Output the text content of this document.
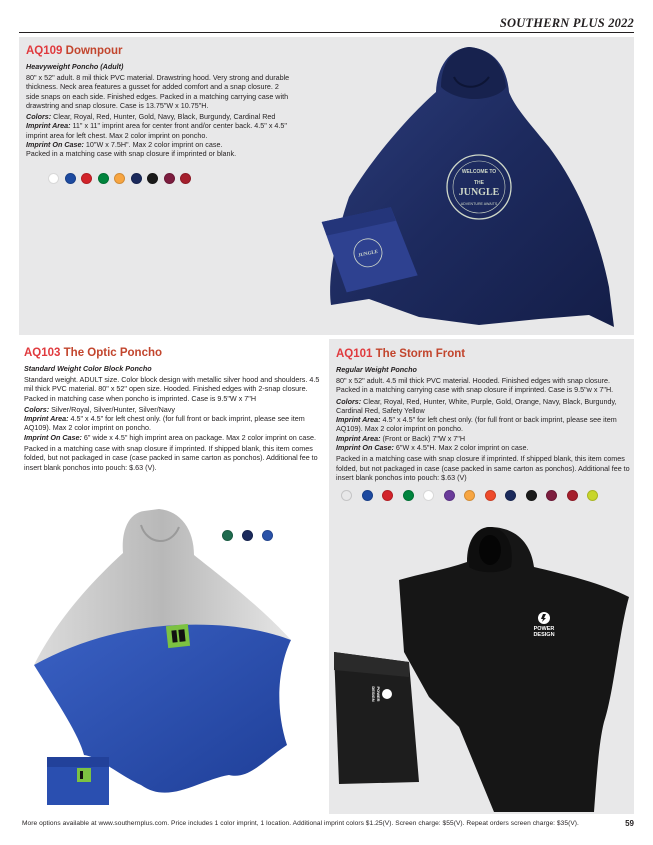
SOUTHERN PLUS 2022
AQ109 Downpour
Heavyweight Poncho (Adult)

80" x 52" adult. 8 mil thick PVC material. Drawstring hood. Very strong and durable thickness. Neck area features a gusset for added comfort and a snap closure. 2 side snaps on each side. Finished edges. Packed in a matching carrying case with drawstring and snap closure. Case is 13.75"W x 10.75"H.

Colors: Clear, Royal, Red, Hunter, Gold, Navy, Black, Burgundy, Cardinal Red

Imprint Area: 11" x 11" imprint area for center front and/or center back. 4.5" x 4.5" imprint area for left chest. Max 2 color imprint on poncho.

Imprint On Case: 10"W x 7.5H". Max 2 color imprint on case.

Packed in a matching case with snap closure if imprinted or blank.

WELCOME TO
THE
JUNGLE
ADVENTURE AWAITS
JUNGLE
AQ103 The Optic Poncho
Standard Weight Color Block Poncho

Standard weight. ADULT size. Color block design with metallic silver hood and shoulders. 4.5 mil thick PVC material. 80" x 52" open size. Hooded. Finished edges with 2-snap closure. Packed in matching case when poncho is imprinted. Case is 9.5"W x 7"H

Colors: Silver/Royal, Silver/Hunter, Silver/Navy

Imprint Area: 4.5" x 4.5" for left chest only. (for full front or back imprint, please see item AQ109). Max 2 color imprint on poncho.

Imprint On Case: 6" wide x 4.5" high imprint area on package. Max 2 color imprint on case.

Packed in a matching case with snap closure if imprinted. If shipped blank, this item comes folded, but not packaged in case (case packed in same carton as ponchos). Additional fee to insert blank ponchos into pouch: $.63 (V).

AQ101 The Storm Front
Regular Weight Poncho

80" x 52" adult. 4.5 mil thick PVC material. Hooded. Finished edges with snap closure. Packed in a matching carrying case with snap closure if imprinted. Case is 9.5"w x 7"H.

Colors: Clear, Royal, Red, Hunter, White, Purple, Gold, Orange, Navy, Black, Burgundy, Cardinal Red, Safety Yellow

Imprint Area: 4.5" x 4.5" for left chest only. (for full front or back imprint, please see item AQ109). Max 2 color imprint on poncho.

Imprint Area: (Front or Back) 7"W x 7"H

Imprint On Case: 6"W x 4.5"H. Max 2 color imprint on case.

Packed in a matching case with snap closure if imprinted. If shipped blank, this item comes folded, but not packaged in case (case packed in same carton as ponchos). Additional fee to insert blank ponchos into pouch: $.63 (V)

POWER
DESIGN
POWER
DESIGN
More options available at www.southernplus.com. Price includes 1 color imprint, 1 location. Additional imprint colors $1.25(V). Screen charge: $55(V). Repeat orders screen charge: $35(V).	59
